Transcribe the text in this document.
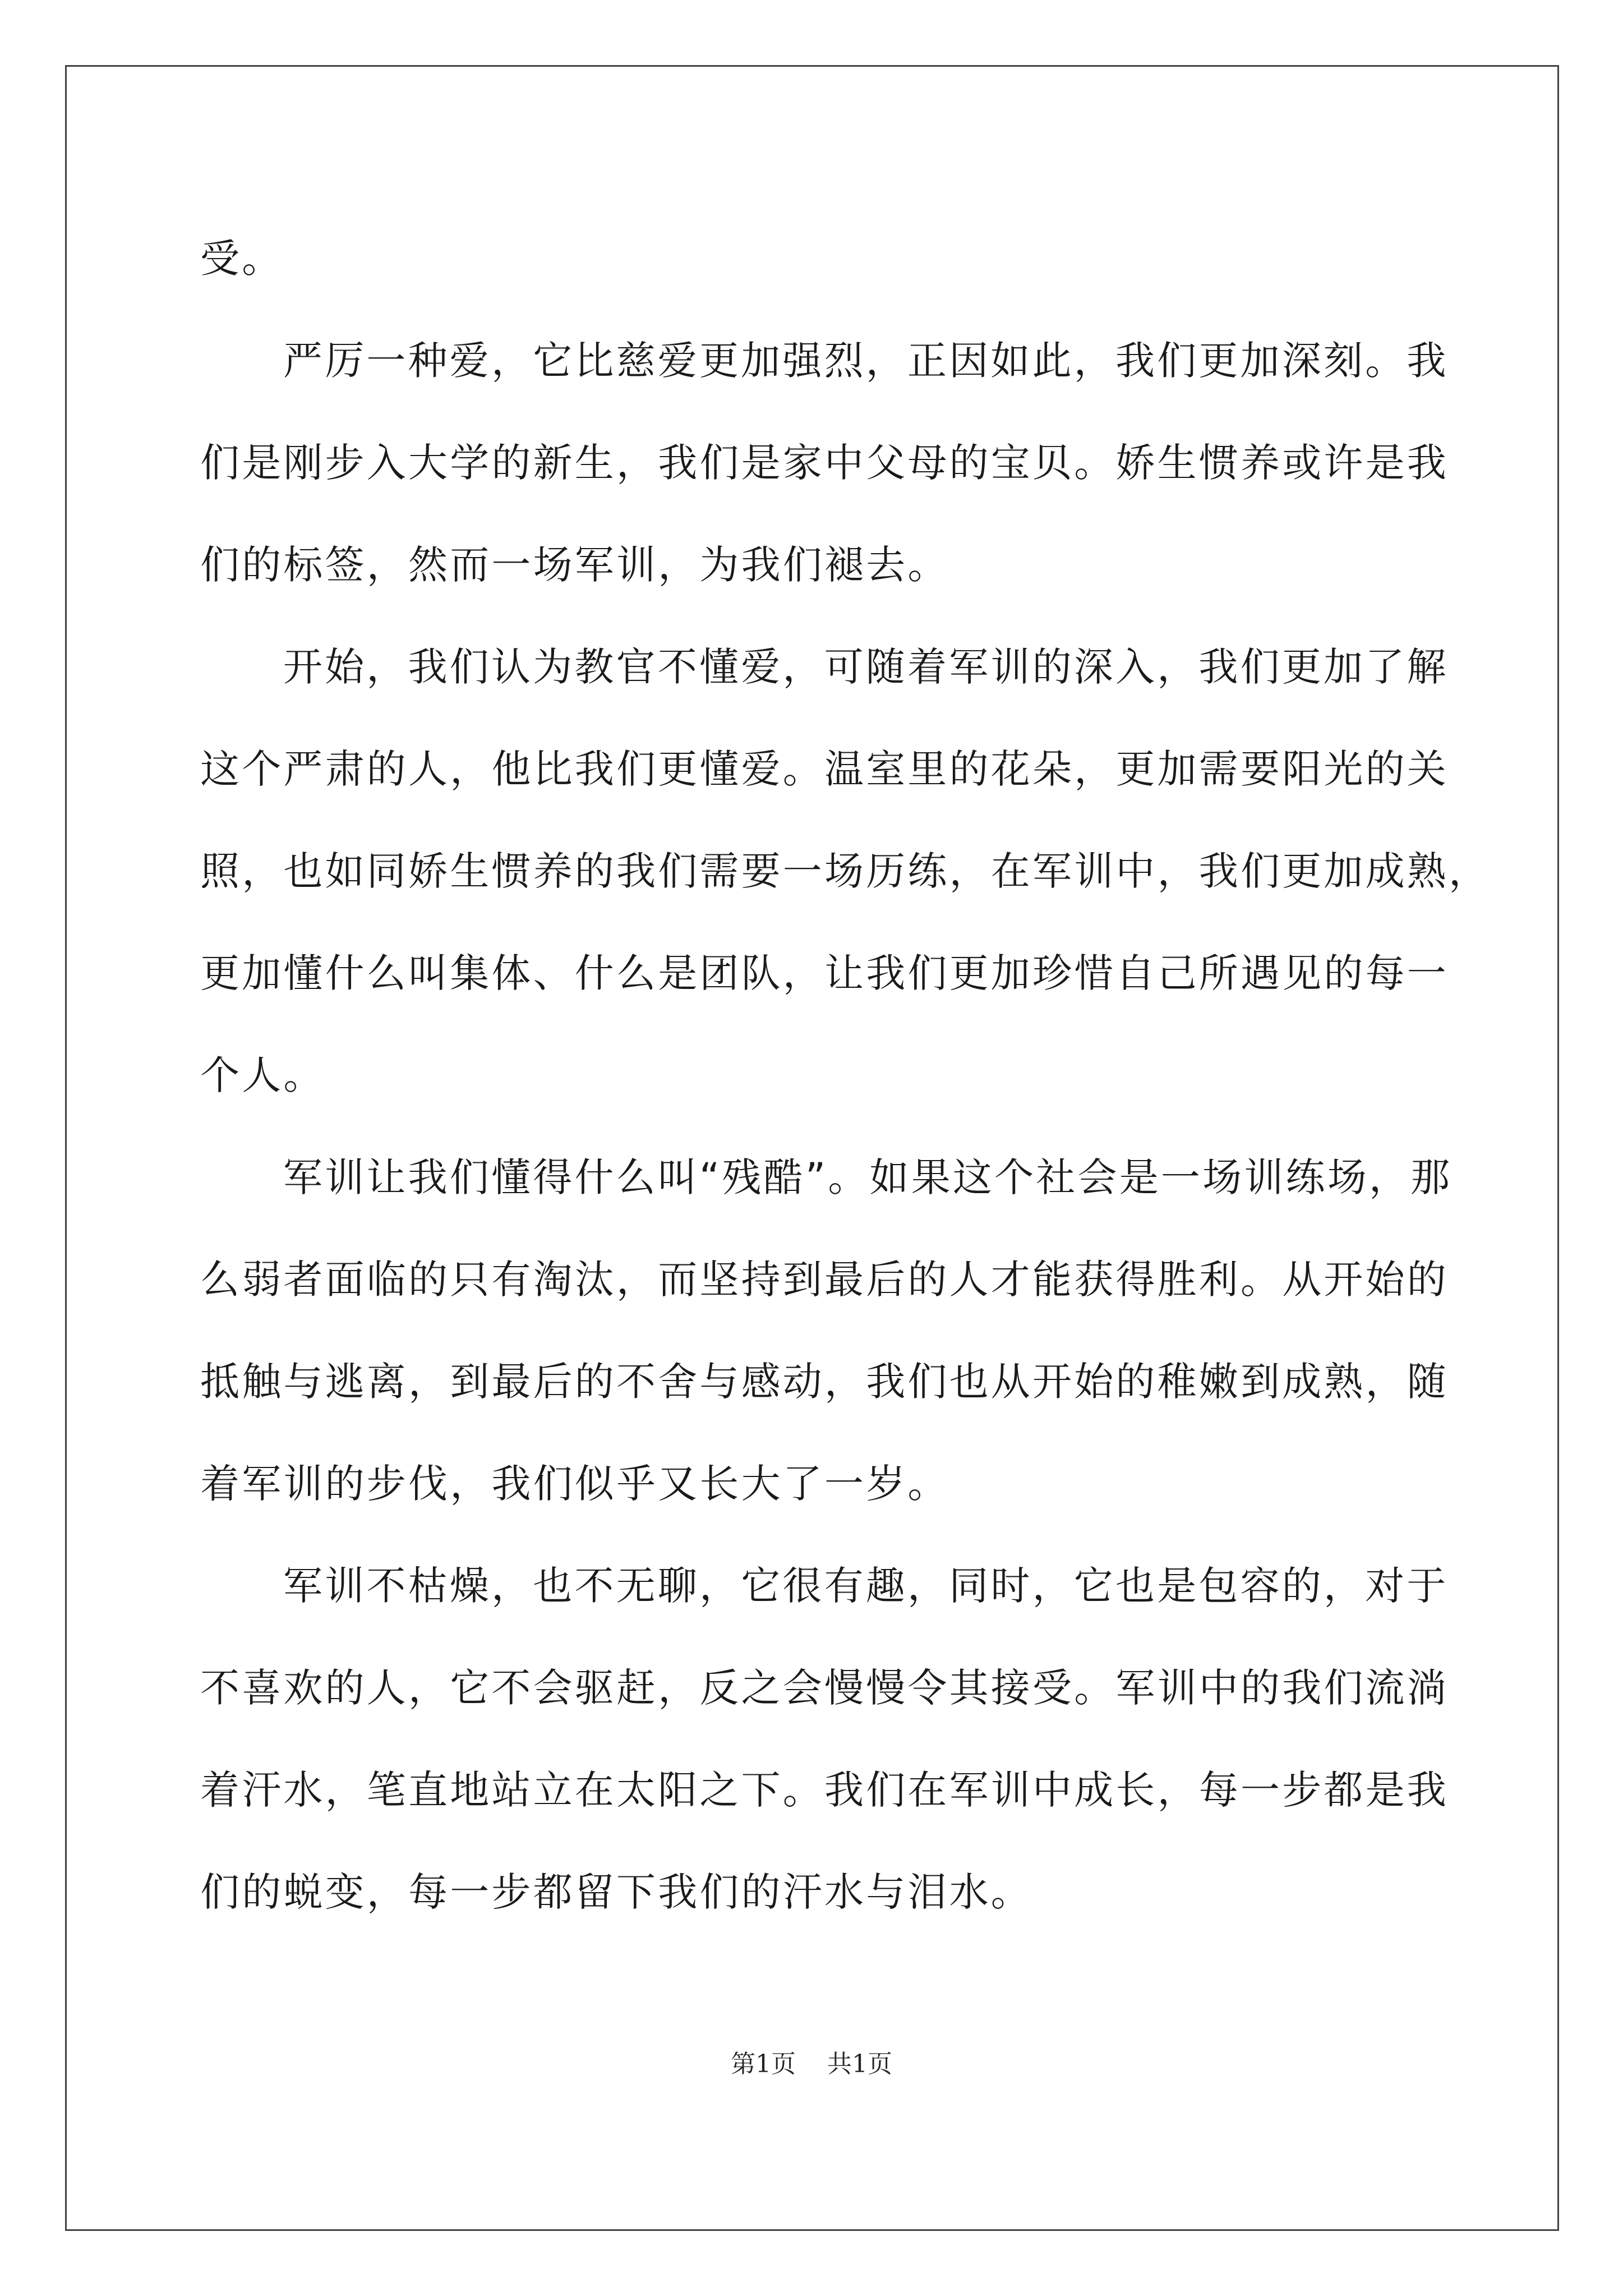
受。

严厉一种爱，它比慈爱更加强烈，正因如此，我们更加深刻。我

们是刚步入大学的新生，我们是家中父母的宝贝。娇生惯养或许是我

们的标签，然而一场军训，为我们褪去。

开始，我们认为教官不懂爱，可随着军训的深入，我们更加了解

这个严肃的人，他比我们更懂爱。温室里的花朵，更加需要阳光的关

照，也如同娇生惯养的我们需要一场历练，在军训中，我们更加成熟，

更加懂什么叫集体、什么是团队，让我们更加珍惜自己所遇见的每一

个人。

军训让我们懂得什么叫“残酷”。如果这个社会是一场训练场，那

么弱者面临的只有淘汰，而坚持到最后的人才能获得胜利。从开始的

抵触与逃离，到最后的不舍与感动，我们也从开始的稚嫩到成熟，随

着军训的步伐，我们似乎又长大了一岁。

军训不枯燥，也不无聊，它很有趣，同时，它也是包容的，对于

不喜欢的人，它不会驱赶，反之会慢慢令其接受。军训中的我们流淌

着汗水，笔直地站立在太阳之下。我们在军训中成长，每一步都是我

们的蜕变，每一步都留下我们的汗水与泪水。

第1页 共1页
